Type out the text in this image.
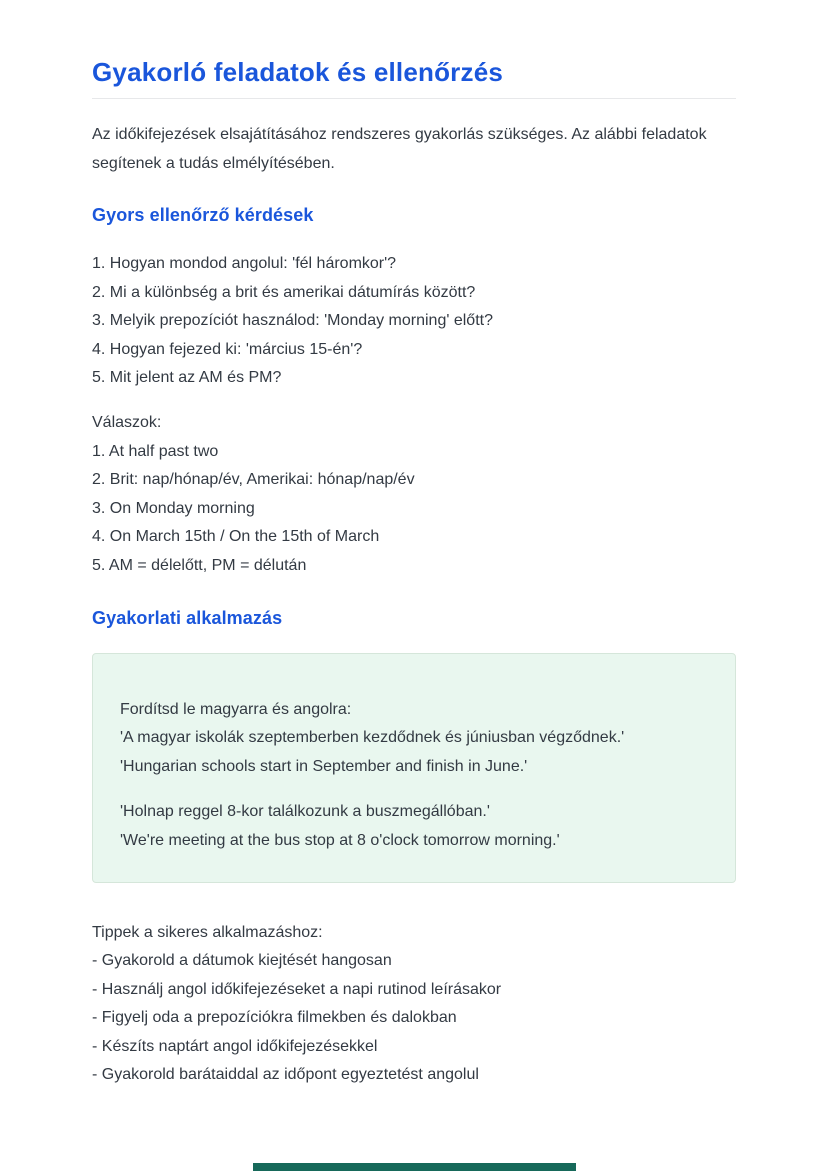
Gyakorló feladatok és ellenőrzés

Az időkifejezések elsajátításához rendszeres gyakorlás szükséges. Az alábbi feladatok segítenek a tudás elmélyítésében.

Gyors ellenőrző kérdések
1. Hogyan mondod angolul: 'fél háromkor'?
2. Mi a különbség a brit és amerikai dátumírás között?
3. Melyik prepozíciót használod: 'Monday morning' előtt?
4. Hogyan fejezed ki: 'március 15-én'?
5. Mit jelent az AM és PM?
Válaszok:
1. At half past two
2. Brit: nap/hónap/év, Amerikai: hónap/nap/év
3. On Monday morning
4. On March 15th / On the 15th of March
5. AM = délelőtt, PM = délután
Gyakorlati alkalmazás
Fordítsd le magyarra és angolra:
'A magyar iskolák szeptemberben kezdődnek és júniusban végződnek.'
'Hungarian schools start in September and finish in June.'
'Holnap reggel 8-kor találkozunk a buszmegállóban.'
'We're meeting at the bus stop at 8 o'clock tomorrow morning.'
Tippek a sikeres alkalmazáshoz:
- Gyakorold a dátumok kiejtését hangosan
- Használj angol időkifejezéseket a napi rutinod leírásakor
- Figyelj oda a prepozíciókra filmekben és dalokban
- Készíts naptárt angol időkifejezésekkel
- Gyakorold barátaiddal az időpont egyeztetést angolul
